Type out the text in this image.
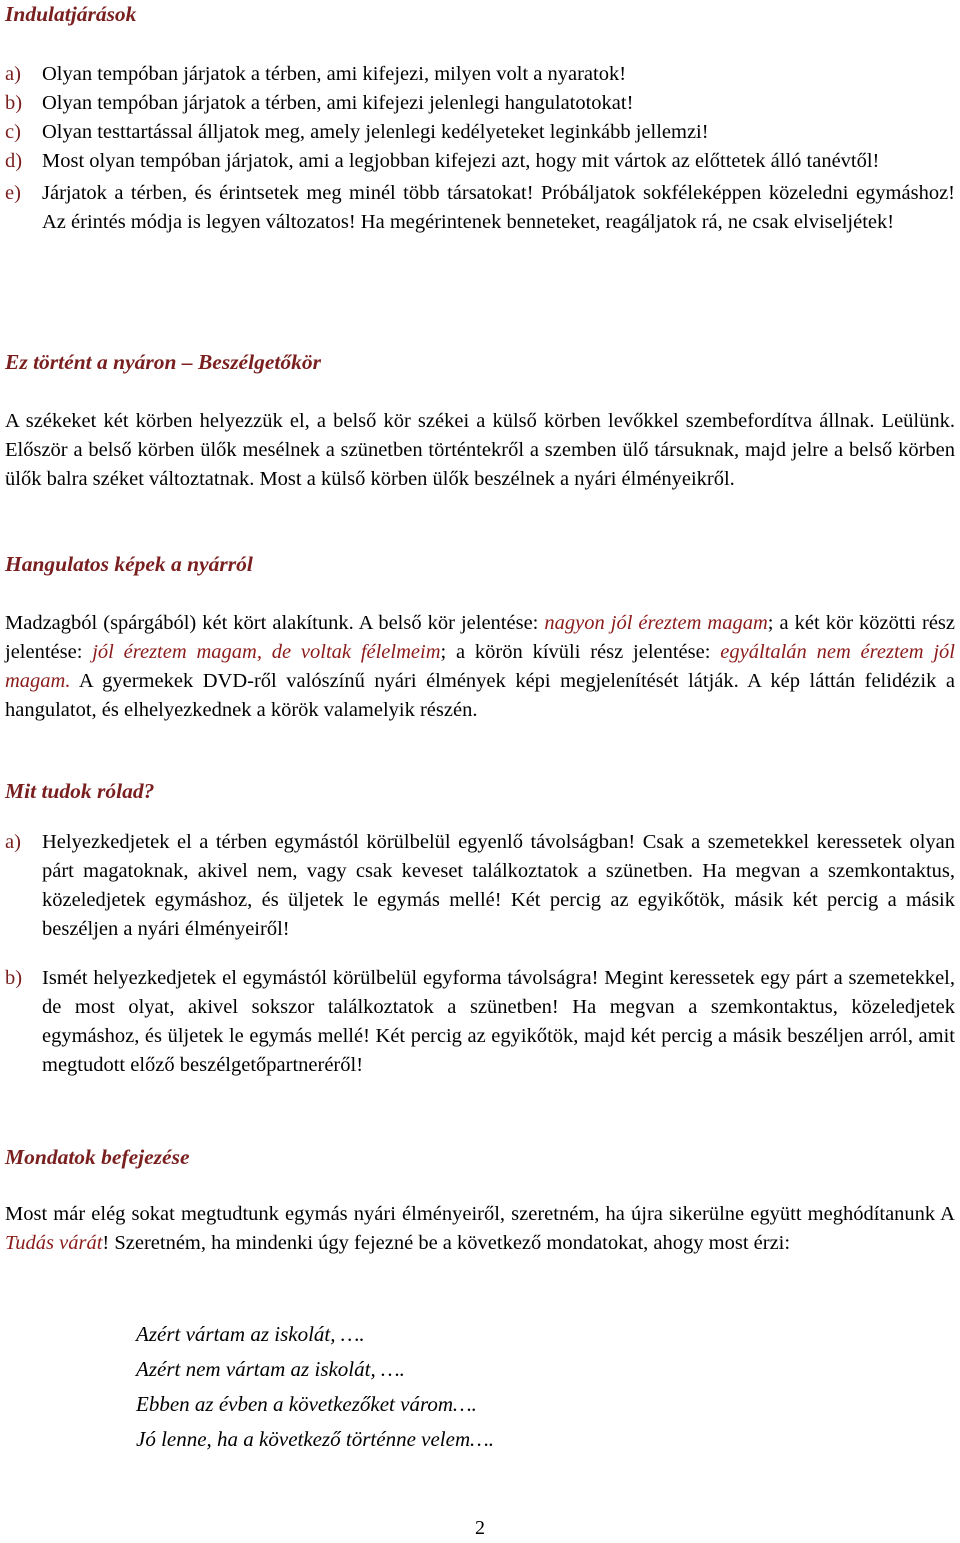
Indulatjárások
a) Olyan tempóban járjatok a térben, ami kifejezi, milyen volt a nyaratok!
b) Olyan tempóban járjatok a térben, ami kifejezi jelenlegi hangulatotokat!
c) Olyan testtartással álljatok meg, amely jelenlegi kedélyeteket leginkább jellemzi!
d) Most olyan tempóban járjatok, ami a legjobban kifejezi azt, hogy mit vártok az előttetek álló tanévtől!
e) Járjatok a térben, és érintsetek meg minél több társatokat! Próbáljatok sokféleképpen közeledni egymáshoz! Az érintés módja is legyen változatos! Ha megérintenek benneteket, reagáljatok rá, ne csak elviseljétek!
Ez történt a nyáron – Beszélgetőkör
A székeket két körben helyezzük el, a belső kör székei a külső körben levőkkel szembefordítva állnak. Leülünk. Először a belső körben ülők mesélnek a szünetben történtekről a szemben ülő társuknak, majd jelre a belső körben ülők balra széket változtatnak. Most a külső körben ülők beszélnek a nyári élményeikről.
Hangulatos képek a nyárról
Madzagból (spárgából) két kört alakítunk. A belső kör jelentése: nagyon jól éreztem magam; a két kör közötti rész jelentése: jól éreztem magam, de voltak félelmeim; a körön kívüli rész jelentése: egyáltalán nem éreztem jól magam. A gyermekek DVD-ről valószínű nyári élmények képi megjelenítését látják. A kép láttán felidézik a hangulatot, és elhelyezkednek a körök valamelyik részén.
Mit tudok rólad?
a) Helyezkedjetek el a térben egymástól körülbelül egyenlő távolságban! Csak a szemetekkel keressetek olyan párt magatoknak, akivel nem, vagy csak keveset találkoztatok a szünetben. Ha megvan a szemkontaktus, közeledjetek egymáshoz, és üljetek le egymás mellé! Két percig az egyikőtök, másik két percig a másik beszéljen a nyári élményeiről!
b) Ismét helyezkedjetek el egymástól körülbelül egyforma távolságra! Megint keressetek egy párt a szemetekkel, de most olyat, akivel sokszor találkoztatok a szünetben! Ha megvan a szemkontaktus, közeledjetek egymáshoz, és üljetek le egymás mellé! Két percig az egyikőtök, majd két percig a másik beszéljen arról, amit megtudott előző beszélgetőpartneréről!
Mondatok befejezése
Most már elég sokat megtudtunk egymás nyári élményeiről, szeretném, ha újra sikerülne együtt meghódítanunk A Tudás várát! Szeretném, ha mindenki úgy fejezné be a következő mondatokat, ahogy most érzi:
Azért vártam az iskolát, ….
Azért nem vártam az iskolát, ….
Ebben az évben a következőket várom….
Jó lenne, ha a következő történne velem….
2
